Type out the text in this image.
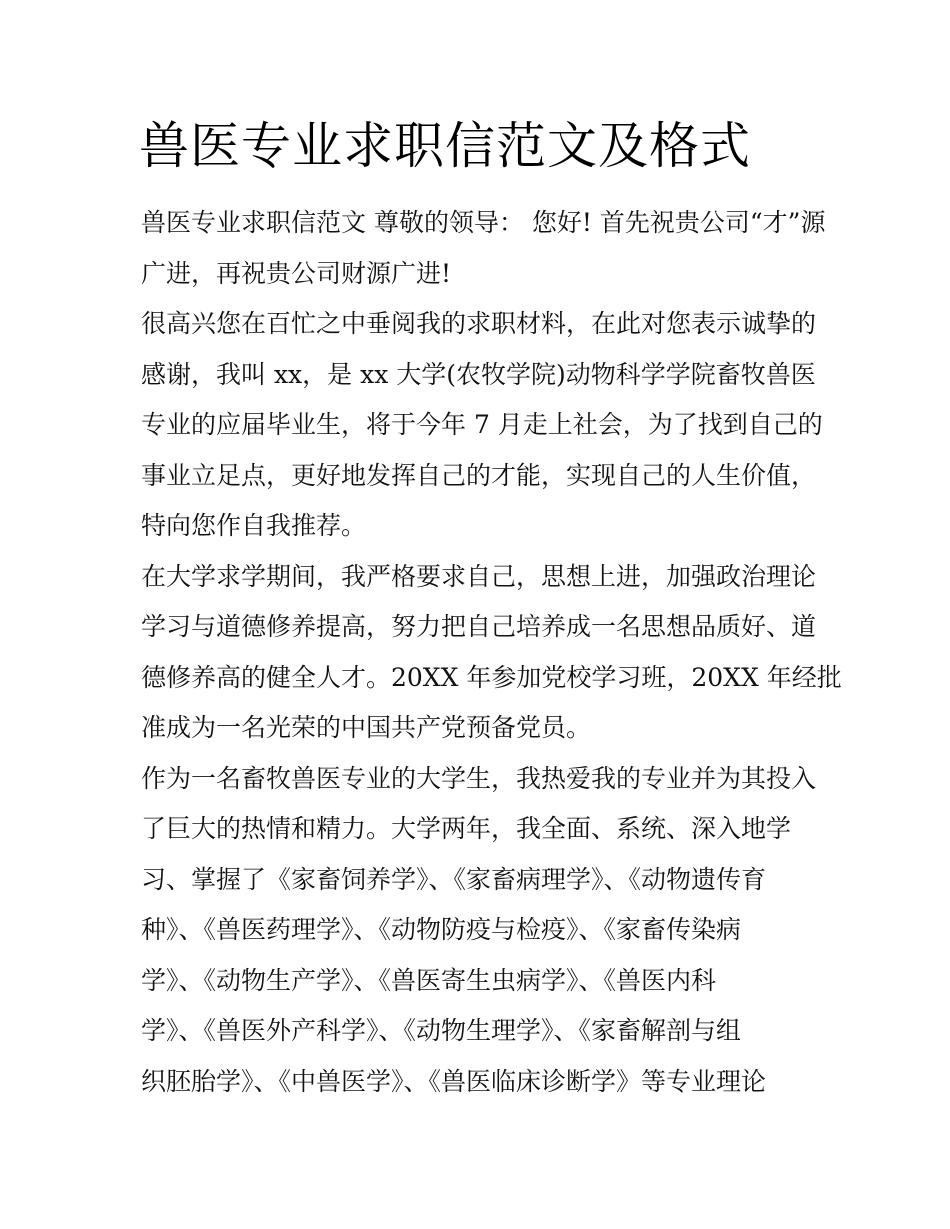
兽医专业求职信范文及格式
兽医专业求职信范文 尊敬的领导： 您好! 首先祝贵公司“才”源
广进，再祝贵公司财源广进!
很高兴您在百忙之中垂阅我的求职材料，在此对您表示诚挚的
感谢，我叫 xx，是 xx 大学(农牧学院)动物科学学院畜牧兽医
专业的应届毕业生，将于今年 7 月走上社会，为了找到自己的
事业立足点，更好地发挥自己的才能，实现自己的人生价值，
特向您作自我推荐。
在大学求学期间，我严格要求自己，思想上进，加强政治理论
学习与道德修养提高，努力把自己培养成一名思想品质好、道
德修养高的健全人才。20XX 年参加党校学习班，20XX 年经批
准成为一名光荣的中国共产党预备党员。
作为一名畜牧兽医专业的大学生，我热爱我的专业并为其投入
了巨大的热情和精力。大学两年，我全面、系统、深入地学
习、掌握了《家畜饲养学》、《家畜病理学》、《动物遗传育
种》、《兽医药理学》、《动物防疫与检疫》、《家畜传染病
学》、《动物生产学》、《兽医寄生虫病学》、《兽医内科
学》、《兽医外产科学》、《动物生理学》、《家畜解剖与组
织胚胎学》、《中兽医学》、《兽医临床诊断学》等专业理论
